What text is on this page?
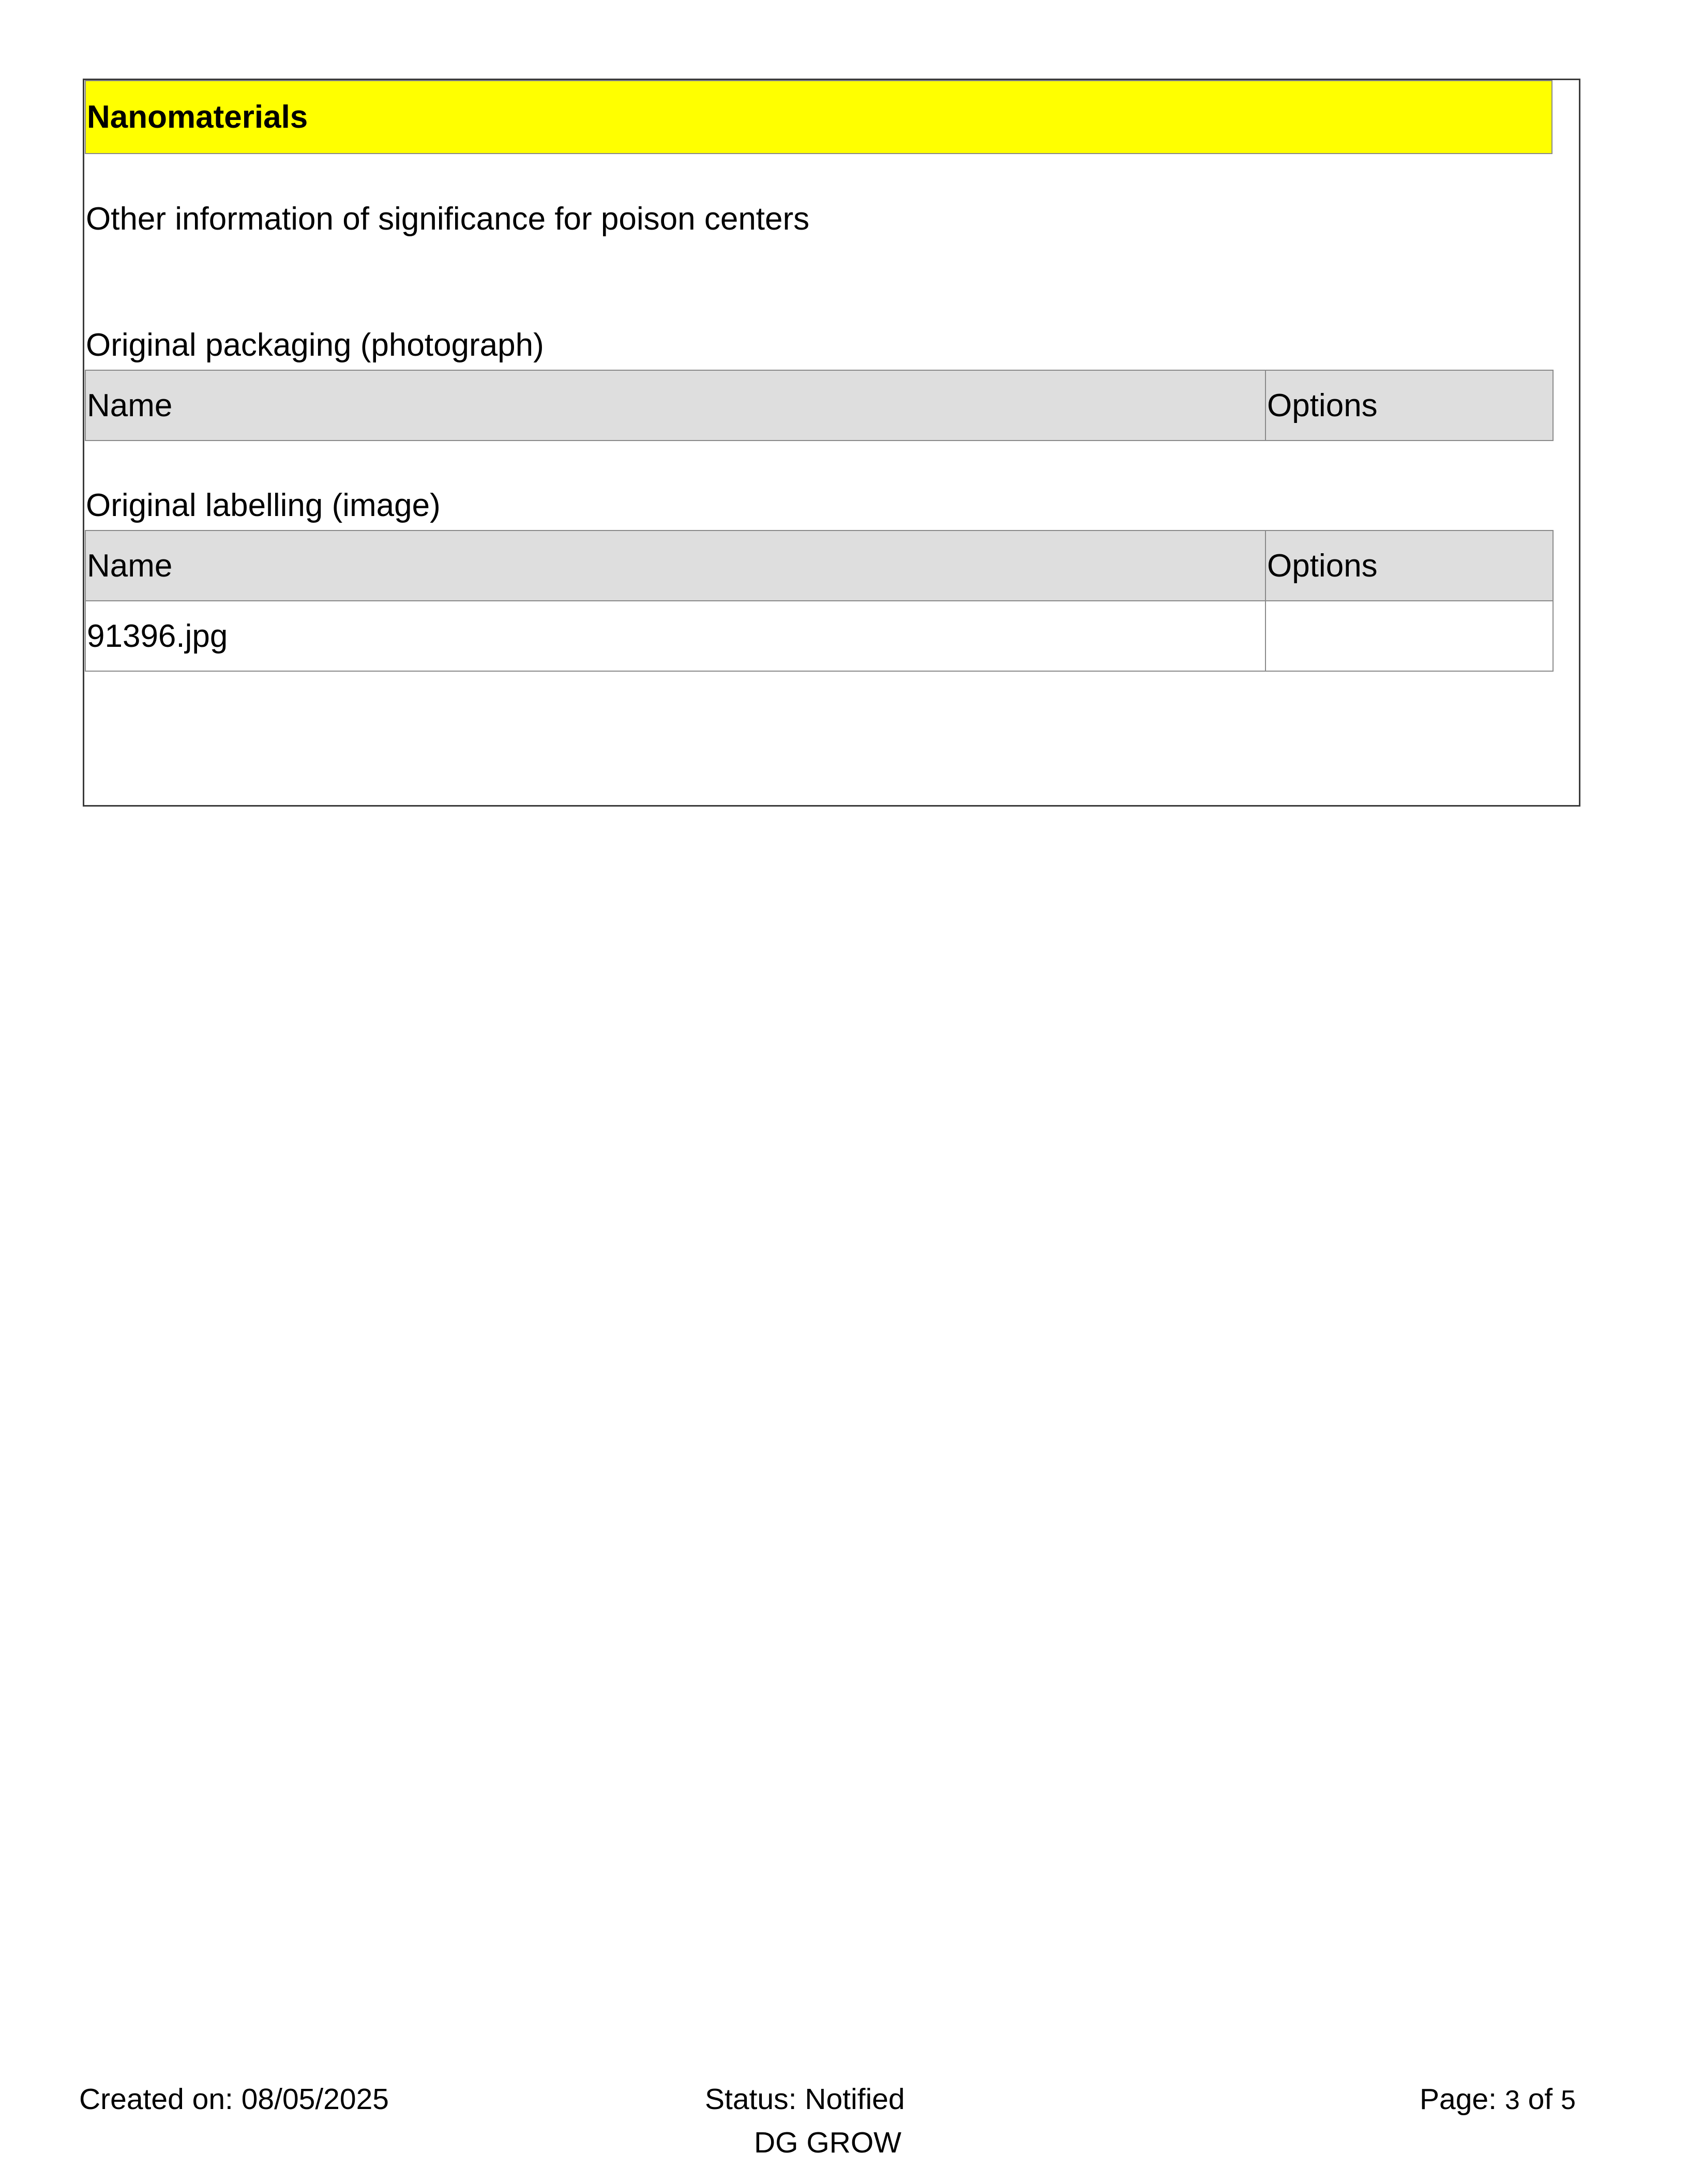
Nanomaterials
Other information of significance for poison centers
Original packaging (photograph)
Name	Options
Original labelling (image)
Name	Options
91396.jpg	
Created on: 08/05/2025	Status: Notified
DG GROW
Page: 3 of 5
